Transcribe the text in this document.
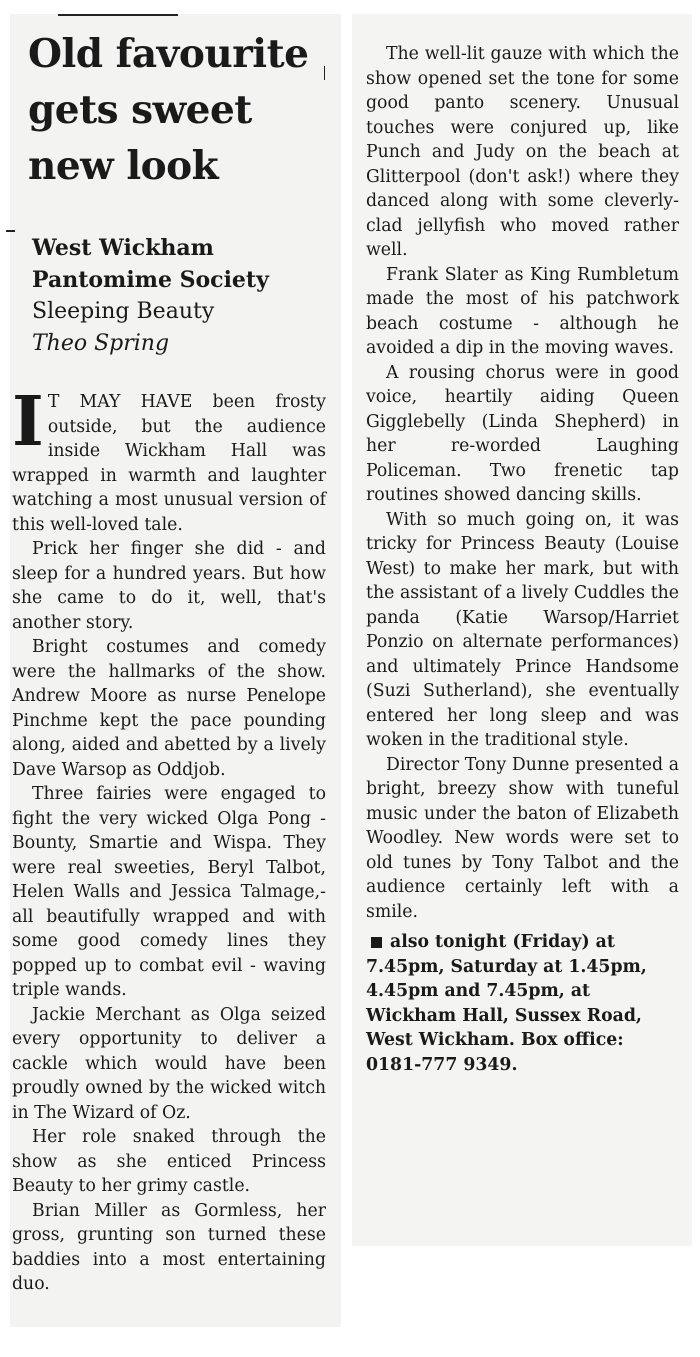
Old favourite
gets sweet
new look
West Wickham
Pantomime Society
Sleeping Beauty
Theo Spring

I T MAY HAVE been frosty outside, but the audience inside Wickham Hall was wrapped in warmth and laughter watching a most unusual version of this well-loved tale.

Prick her finger she did - and sleep for a hundred years. But how she came to do it, well, that's another story.

Bright costumes and comedy were the hallmarks of the show. Andrew Moore as nurse Penelope Pinchme kept the pace pounding along, aided and abetted by a lively Dave Warsop as Oddjob.

Three fairies were engaged to fight the very wicked Olga Pong - Bounty, Smartie and Wispa. They were real sweeties, Beryl Talbot, Helen Walls and Jessica Talmage,- all beautifully wrapped and with some good comedy lines they popped up to combat evil - waving triple wands.

Jackie Merchant as Olga seized every opportunity to deliver a cackle which would have been proudly owned by the wicked witch in The Wizard of Oz.

Her role snaked through the show as she enticed Princess Beauty to her grimy castle.

Brian Miller as Gormless, her gross, grunting son turned these baddies into a most entertaining duo.

The well-lit gauze with which the show opened set the tone for some good panto scenery. Unusual touches were conjured up, like Punch and Judy on the beach at Glitterpool (don't ask!) where they danced along with some cleverly-clad jellyfish who moved rather well.

Frank Slater as King Rumbletum made the most of his patchwork beach costume - although he avoided a dip in the moving waves.

A rousing chorus were in good voice, heartily aiding Queen Gigglebelly (Linda Shepherd) in her re-worded Laughing Policeman. Two frenetic tap routines showed dancing skills.

With so much going on, it was tricky for Princess Beauty (Louise West) to make her mark, but with the assistant of a lively Cuddles the panda (Katie Warsop/Harriet Ponzio on alternate performances) and ultimately Prince Handsome (Suzi Sutherland), she eventually entered her long sleep and was woken in the traditional style.

Director Tony Dunne presented a bright, breezy show with tuneful music under the baton of Elizabeth Woodley. New words were set to old tunes by Tony Talbot and the audience certainly left with a smile.

also tonight (Friday) at 7.45pm, Saturday at 1.45pm, 4.45pm and 7.45pm, at Wickham Hall, Sussex Road, West Wickham. Box office: 0181-777 9349.
